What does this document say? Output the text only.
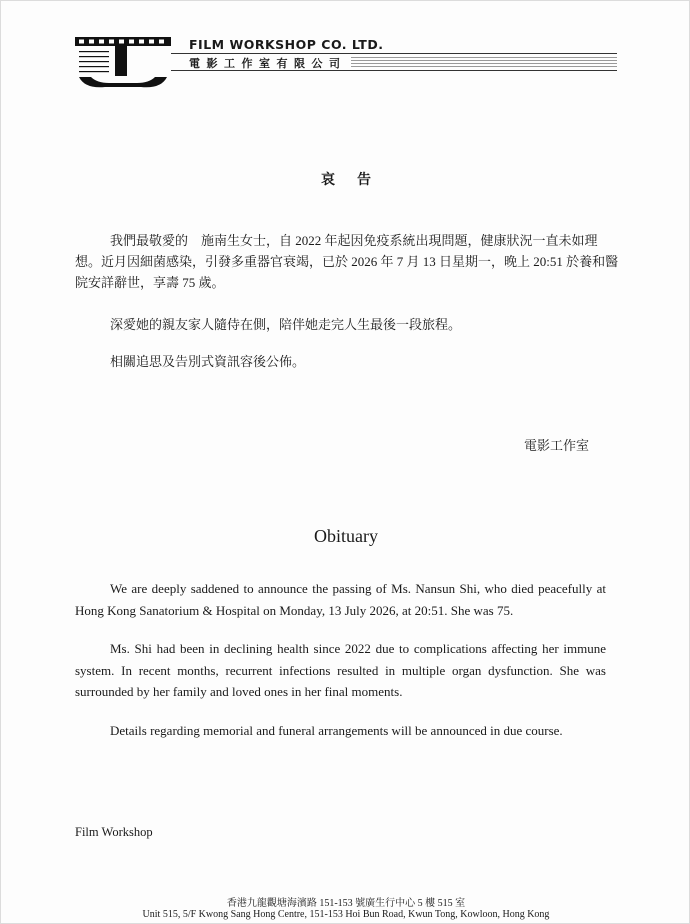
FILM WORKSHOP CO. LTD.
電影工作室有限公司
哀告

我們最敬愛的　施南生女士，自 2022 年起因免疫系統出現問題，健康狀況一直未如理想。近月因細菌感染，引發多重器官衰竭，已於 2026 年 7 月 13 日星期一，晚上 20:51 於養和醫院安詳辭世，享壽 75 歲。

深愛她的親友家人隨侍在側，陪伴她走完人生最後一段旅程。

相關追思及告別式資訊容後公佈。

電影工作室
Obituary

We are deeply saddened to announce the passing of Ms. Nansun Shi, who died peacefully at Hong Kong Sanatorium & Hospital on Monday, 13 July 2026, at 20:51. She was 75.

Ms. Shi had been in declining health since 2022 due to complications affecting her immune system. In recent months, recurrent infections resulted in multiple organ dysfunction. She was surrounded by her family and loved ones in her final moments.

Details regarding memorial and funeral arrangements will be announced in due course.

Film Workshop
香港九龍觀塘海濱路 151-153 號廣生行中心 5 樓 515 室
Unit 515, 5/F Kwong Sang Hong Centre, 151-153 Hoi Bun Road, Kwun Tong, Kowloon, Hong Kong
